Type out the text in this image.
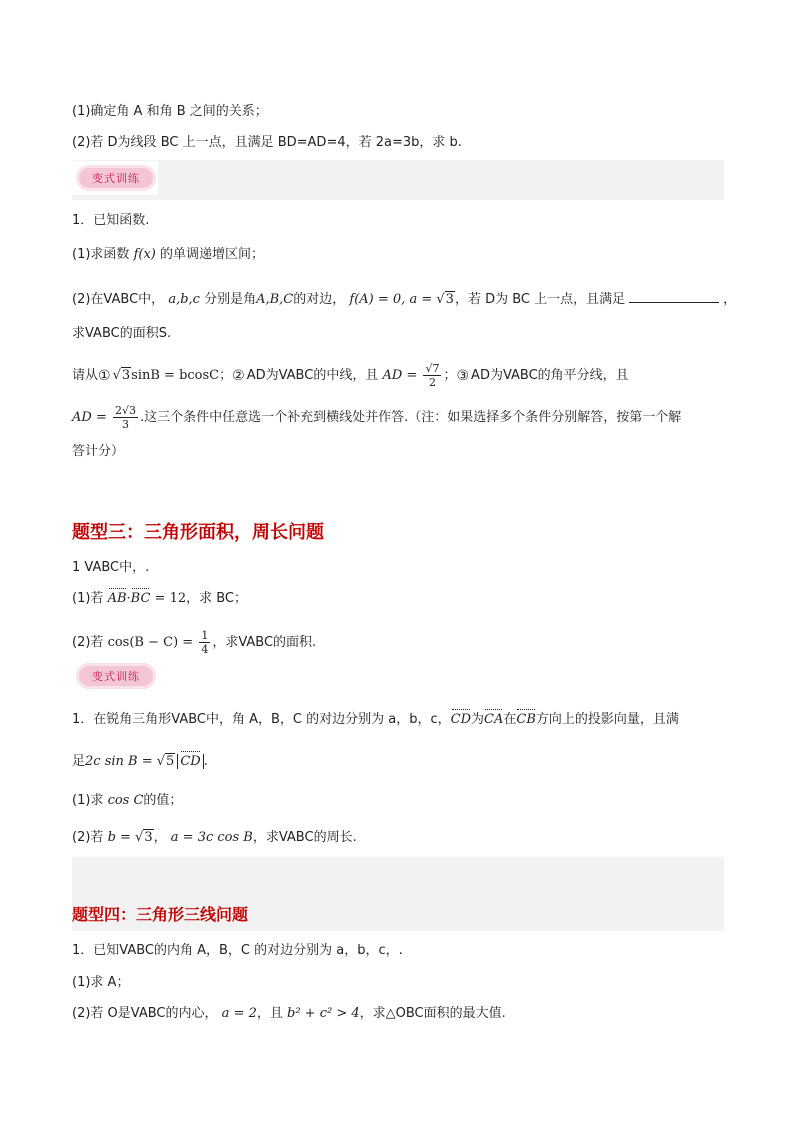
(1)确定角 A 和角 B 之间的关系；
(2)若 D为线段 BC 上一点，且满足 BD=AD=4，若 2a=3b，求 b.
变式训练
1．已知函数.
(1)求函数 f(x) 的单调递增区间；
(2)在VABC中， a,b,c 分别是角A,B,C的对边， f(A) = 0, a = √3，若 D为 BC 上一点，且满足	，
求VABC的面积S.
请从① √3sinB = bcosC；② AD为VABC的中线，且 AD = $\frac{√7}{2}$ ；③ AD为VABC的角平分线，且
AD = $\frac{2√3}{3}$ .这三个条件中任意选一个补充到横线处并作答.（注：如果选择多个条件分别解答，按第一个解
答计分）
题型三：三角形面积，周长问题
1 VABC中，.
(1)若 AB·BC = 12，求 BC；
(2)若 $\cos(B - C) = \frac{1}{4}$ ，求VABC的面积.
变式训练
1．在锐角三角形VABC中，角 A，B，C 的对边分别为 a，b，c，CD为CA在CB方向上的投影向量，且满
足2c sin B = √5 CD .
(1)求 cos C的值；
(2)若 b = √3， a = 3c cos B，求VABC的周长.
题型四：三角形三线问题
1．已知VABC的内角 A，B，C 的对边分别为 a，b，c，.
(1)求 A；
(2)若 O是VABC的内心， a = 2，且 b² + c² > 4，求△OBC面积的最大值.
